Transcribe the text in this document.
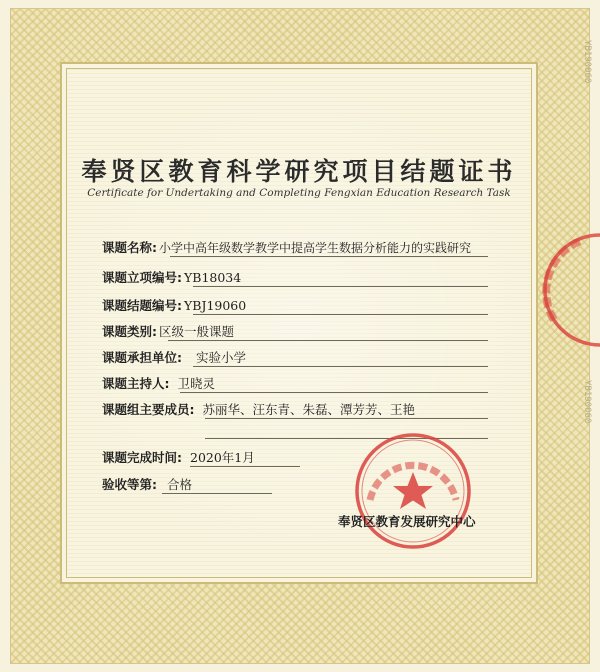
YB190060
YB190060
奉贤区教育科学研究项目结题证书
Certificate for Undertaking and Completing Fengxian Education Research Task
课题名称: 小学中高年级数学教学中提高学生数据分析能力的实践研究
课题立项编号: YB18034
课题结题编号: YBJ19060
课题类别: 区级一般课题
课题承担单位: 实验小学
课题主持人: 卫晓灵
课题组主要成员: 苏丽华、汪东青、朱磊、潭芳芳、王艳
课题完成时间: 2020年1月
验收等第: 合格
奉贤区教育发展研究中心
